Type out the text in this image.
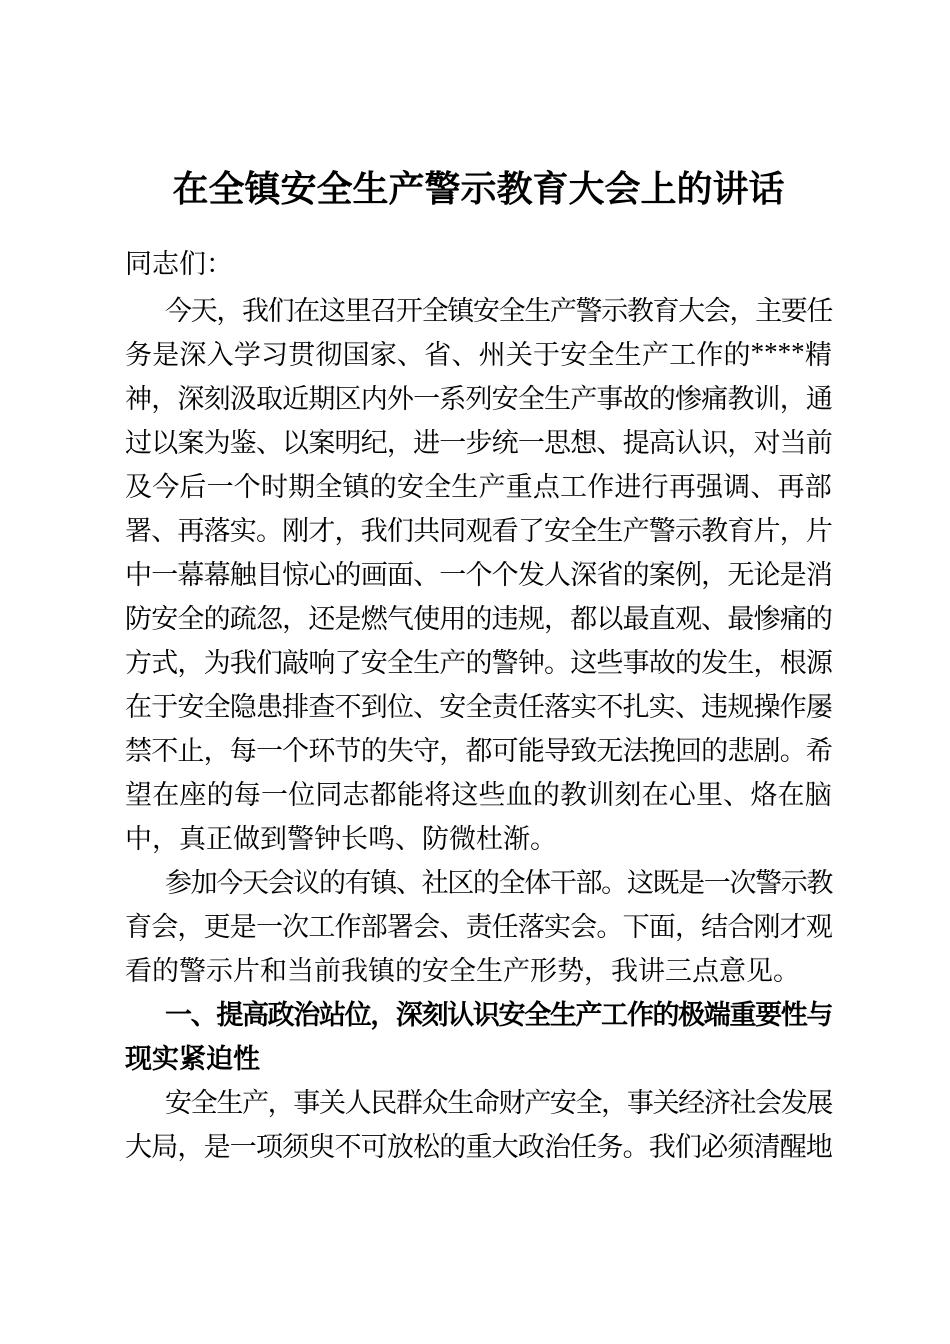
在全镇安全生产警示教育大会上的讲话
同志们：
今
天
，
我
们
在
这
里
召
开
全
镇
安
全
生
产
警
示
教
育
大
会
，
主
要
任
务 是 深 入 学 习 贯 彻 国 家 、 省 、 州 关 于 安 全 生 产 工 作 的 **** 精
神 ， 深 刻 汲 取 近 期 区 内 外 一 系 列 安 全 生 产 事 故 的 惨 痛 教 训 ， 通
过 以 案 为 鉴 、 以 案 明 纪 ， 进 一 步 统 一 思 想 、 提 高 认 识 ， 对 当 前
及 今 后 一 个 时 期 全 镇 的 安 全 生 产 重 点 工 作 进 行 再 强 调 、 再 部
署 、 再 落 实 。 刚 才 ， 我 们 共 同 观 看 了 安 全 生 产 警 示 教 育 片 ， 片
中 一 幕 幕 触 目 惊 心 的 画 面 、 一 个 个 发 人 深 省 的 案 例 ， 无 论 是 消
防 安 全 的 疏 忽 ， 还 是 燃 气 使 用 的 违 规 ， 都 以 最 直 观 、 最 惨 痛 的
方 式 ， 为 我 们 敲 响 了 安 全 生 产 的 警 钟 。 这 些 事 故 的 发 生 ， 根 源
在 于 安 全 隐 患 排 查 不 到 位 、 安 全 责 任 落 实 不 扎 实 、 违 规 操 作 屡
禁 不 止 ， 每 一 个 环 节 的 失 守 ， 都 可 能 导 致 无 法 挽 回 的 悲 剧 。 希
望 在 座 的 每 一 位 同 志 都 能 将 这 些 血 的 教 训 刻 在 心 里 、 烙 在 脑
中 ， 真 正 做 到 警 钟 长 鸣 、 防 微 杜 渐 。
参
加
今
天
会
议
的
有
镇
、
社
区
的
全
体
干
部
。
这
既
是
一
次
警
示
教
育 会 ， 更 是 一 次 工 作 部 署 会 、 责 任 落 实 会 。 下 面 ， 结 合 刚 才 观
看 的 警 示 片 和 当 前 我 镇 的 安 全 生 产 形 势 ， 我 讲 三 点 意 见 。
一
、
提
高
政
治
站
位
，
深
刻
认
识
安
全
生
产
工
作
的
极
端
重
要
性
与
现 实 紧 迫 性
安
全
生
产
，
事
关
人
民
群
众
生
命
财
产
安
全
，
事
关
经
济
社
会
发
展
大 局 ， 是 一 项 须 臾 不 可 放 松 的 重 大 政 治 任 务 。 我 们 必 须 清 醒 地
